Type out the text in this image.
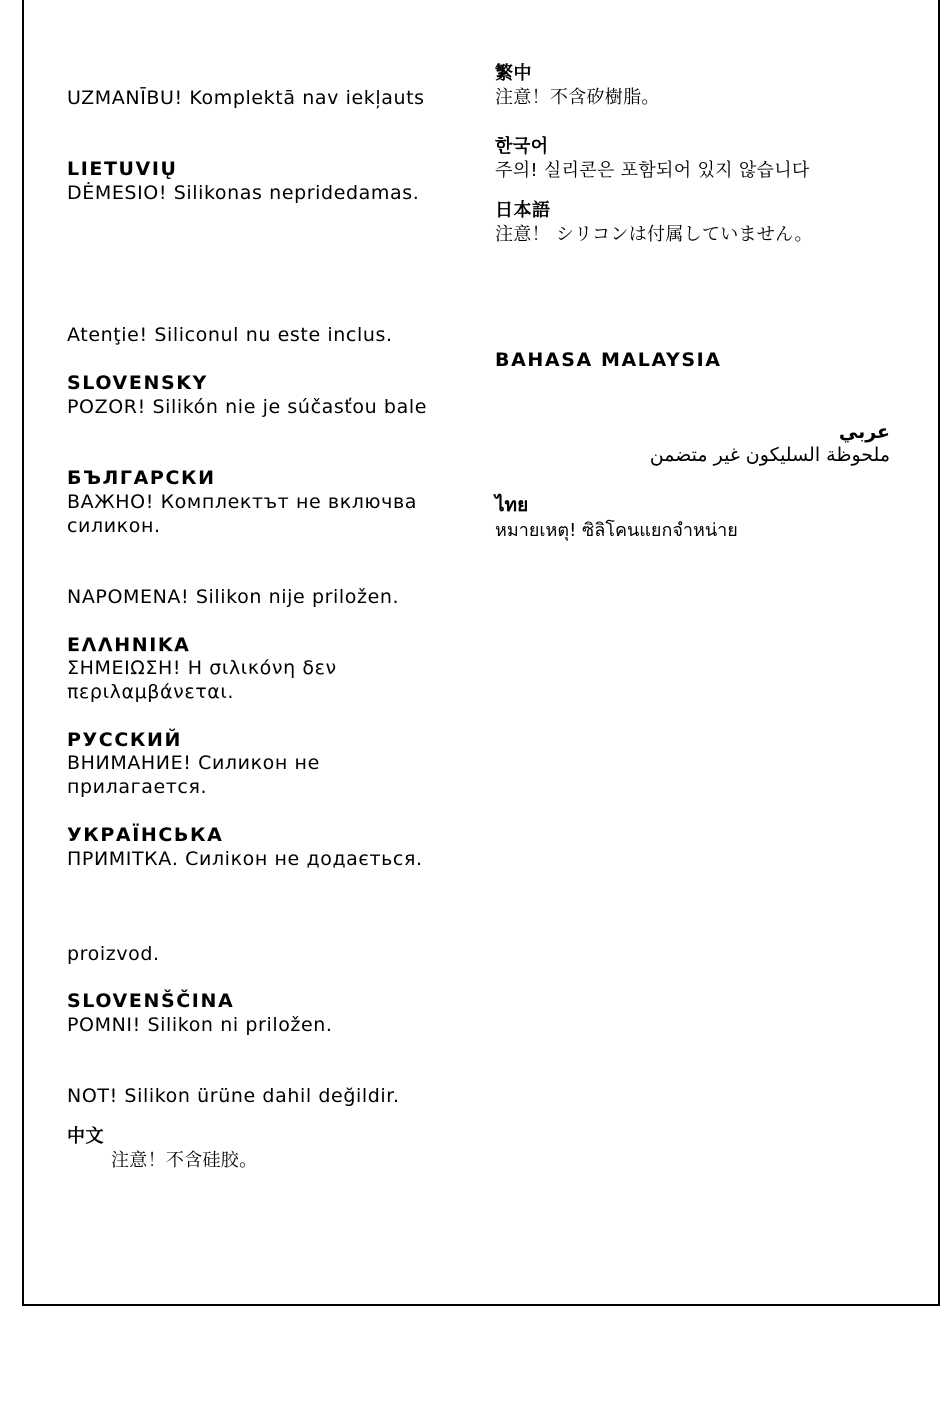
UZMANĪBU! Komplektā nav iekļauts
LIETUVIŲ
DĖMESIO! Silikonas nepridedamas.
Atenţie! Siliconul nu este inclus.
SLOVENSKY
POZOR! Silikón nie je súčasťou bale
БЪЛГАРСКИ
ВАЖНО! Комплектът не включва
силикон.
NAPOMENA! Silikon nije priložen.
ΕΛΛΗΝΙΚΑ
ΣΗΜΕΙΩΣΗ! Η σιλικόνη δεν
περιλαμβάνεται.
РУССКИЙ
ВНИМАНИЕ! Силикон не
прилагается.
УКРАЇНСЬКА
ПРИМІТКА. Силікон не додається.
proizvod.
SLOVENŠČINA
POMNI! Silikon ni priložen.
NOT! Silikon ürüne dahil değildir.
中文
注意！不含硅胶。
繁中
注意！不含矽樹脂。
한국어
주의! 실리콘은 포함되어 있지 않습니다
日本語
注意！ シリコンは付属していません。
BAHASA MALAYSIA
عربي
ملحوظة السليكون غير متضمن
ไทย
หมายเหตุ! ซิลิโคนแยกจำหน่าย
